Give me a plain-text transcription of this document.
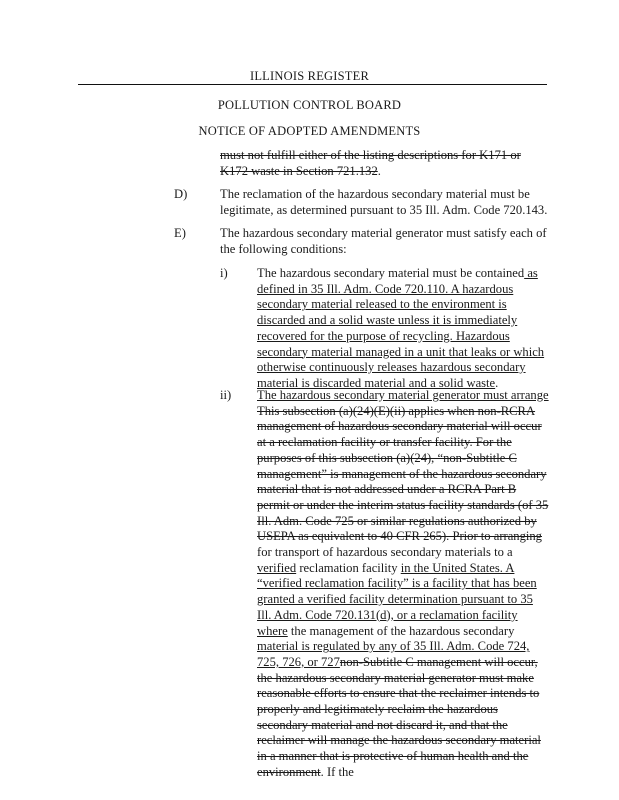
ILLINOIS REGISTER
POLLUTION CONTROL BOARD
NOTICE OF ADOPTED AMENDMENTS
must not fulfill either of the listing descriptions for K171 or K172 waste in Section 721.132.
D)	The reclamation of the hazardous secondary material must be legitimate, as determined pursuant to 35 Ill. Adm. Code 720.143.
E)	The hazardous secondary material generator must satisfy each of the following conditions:
i) The hazardous secondary material must be contained as defined in 35 Ill. Adm. Code 720.110. A hazardous secondary material released to the environment is discarded and a solid waste unless it is immediately recovered for the purpose of recycling. Hazardous secondary material managed in a unit that leaks or which otherwise continuously releases hazardous secondary material is discarded material and a solid waste.
ii) The hazardous secondary material generator must arrange This subsection (a)(24)(E)(ii) applies when non-RCRA management of hazardous secondary material will occur at a reclamation facility or transfer facility. For the purposes of this subsection (a)(24), “non-Subtitle C management” is management of the hazardous secondary material that is not addressed under a RCRA Part B permit or under the interim status facility standards (of 35 Ill. Adm. Code 725 or similar regulations authorized by USEPA as equivalent to 40 CFR 265). Prior to arranging for transport of hazardous secondary materials to a verified reclamation facility in the United States. A “verified reclamation facility” is a facility that has been granted a verified facility determination pursuant to 35 Ill. Adm. Code 720.131(d), or a reclamation facility where the management of the hazardous secondary material is regulated by any of 35 Ill. Adm. Code 724, 725, 726, or 727non-Subtitle C management will occur, the hazardous secondary material generator must make reasonable efforts to ensure that the reclaimer intends to properly and legitimately reclaim the hazardous secondary material and not discard it, and that the reclaimer will manage the hazardous secondary material in a manner that is protective of human health and the environment. If the
